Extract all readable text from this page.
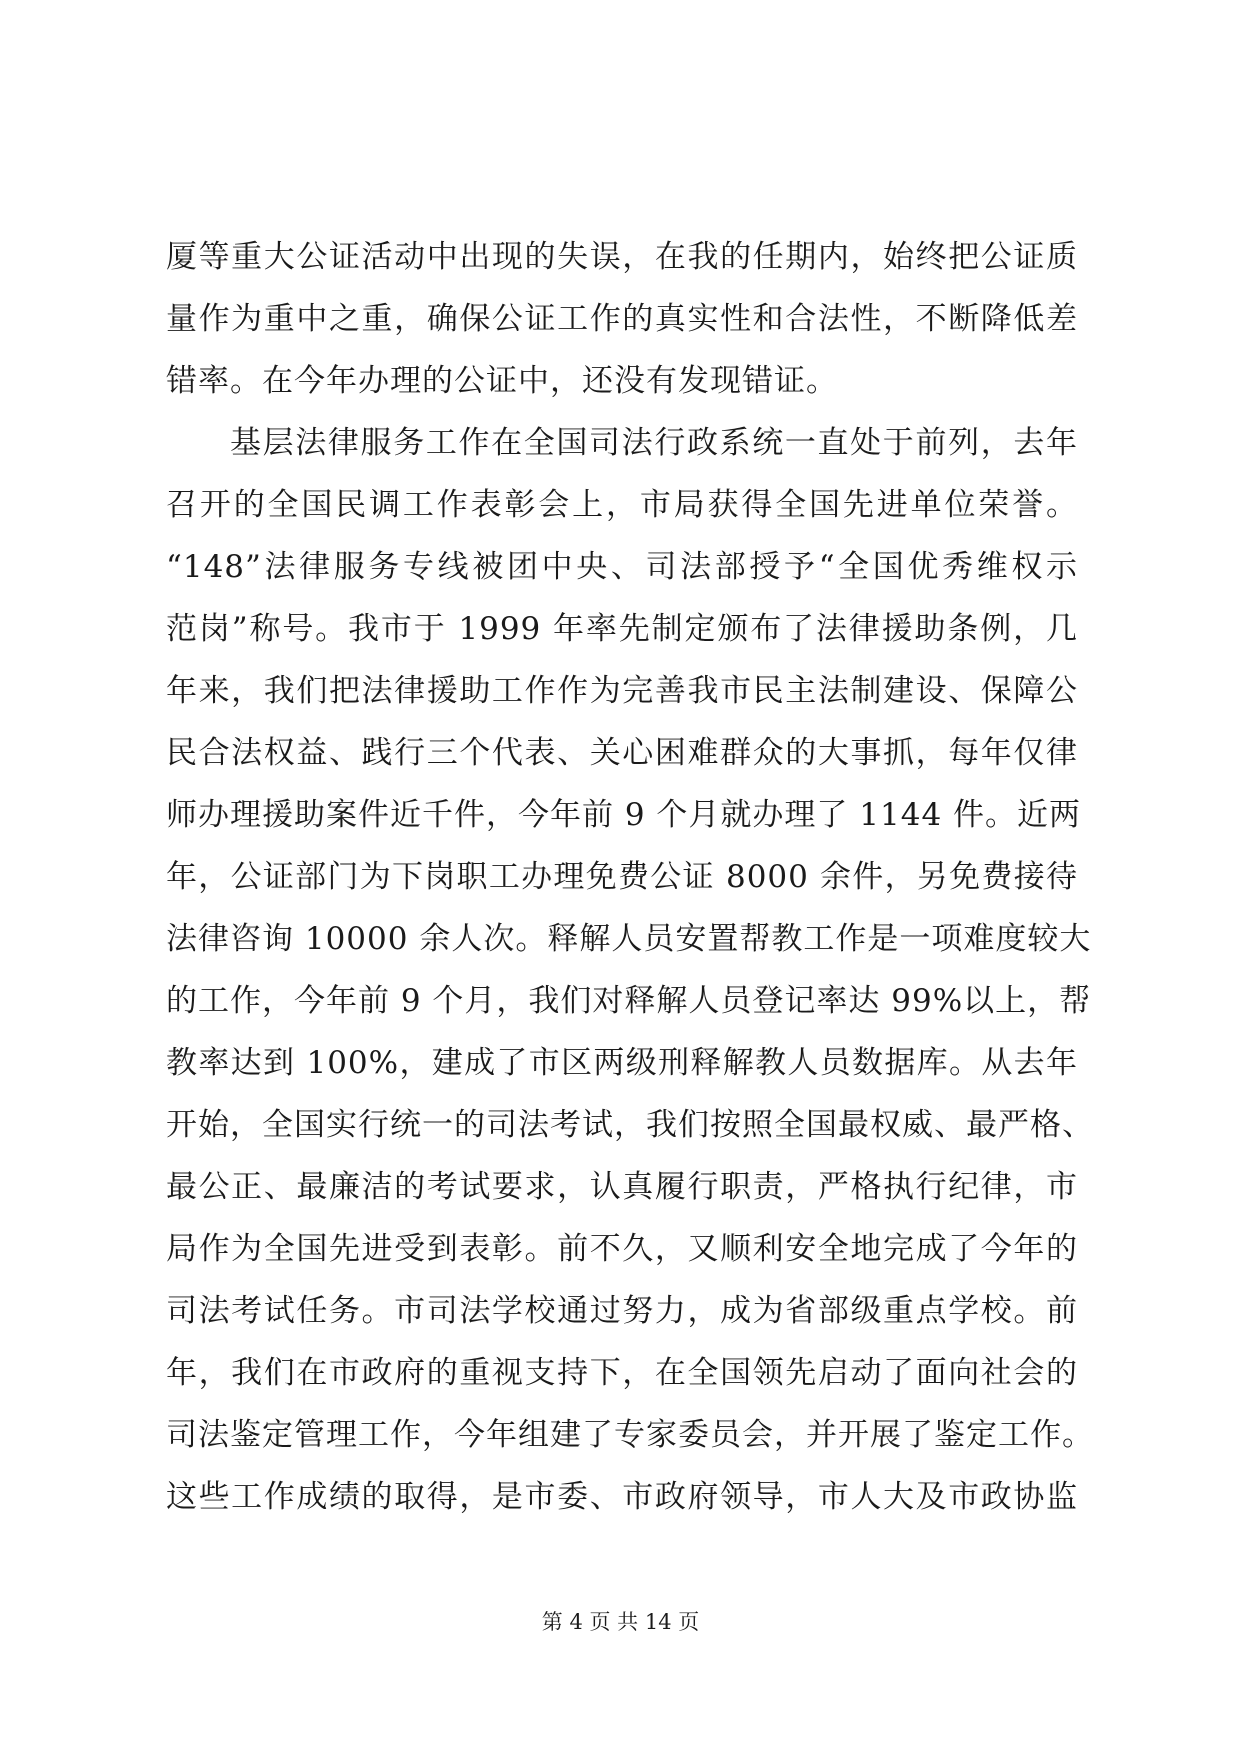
厦等重大公证活动中出现的失误，在我的任期内，始终把公证质
量作为重中之重，确保公证工作的真实性和合法性，不断降低差
错率。在今年办理的公证中，还没有发现错证。
基层法律服务工作在全国司法行政系统一直处于前列，去年
召开的全国民调工作表彰会上，市局获得全国先进单位荣誉。
“148”法律服务专线被团中央、司法部授予“全国优秀维权示
范岗”称号。我市于 1999 年率先制定颁布了法律援助条例，几
年来，我们把法律援助工作作为完善我市民主法制建设、保障公
民合法权益、践行三个代表、关心困难群众的大事抓，每年仅律
师办理援助案件近千件，今年前 9 个月就办理了 1144 件。近两
年，公证部门为下岗职工办理免费公证 8000 余件，另免费接待
法律咨询 10000 余人次。释解人员安置帮教工作是一项难度较大
的工作，今年前 9 个月，我们对释解人员登记率达 99%以上，帮
教率达到 100%，建成了市区两级刑释解教人员数据库。从去年
开始，全国实行统一的司法考试，我们按照全国最权威、最严格、
最公正、最廉洁的考试要求，认真履行职责，严格执行纪律，市
局作为全国先进受到表彰。前不久，又顺利安全地完成了今年的
司法考试任务。市司法学校通过努力，成为省部级重点学校。前
年，我们在市政府的重视支持下，在全国领先启动了面向社会的
司法鉴定管理工作，今年组建了专家委员会，并开展了鉴定工作。
这些工作成绩的取得，是市委、市政府领导，市人大及市政协监
第 4 页 共 14 页
